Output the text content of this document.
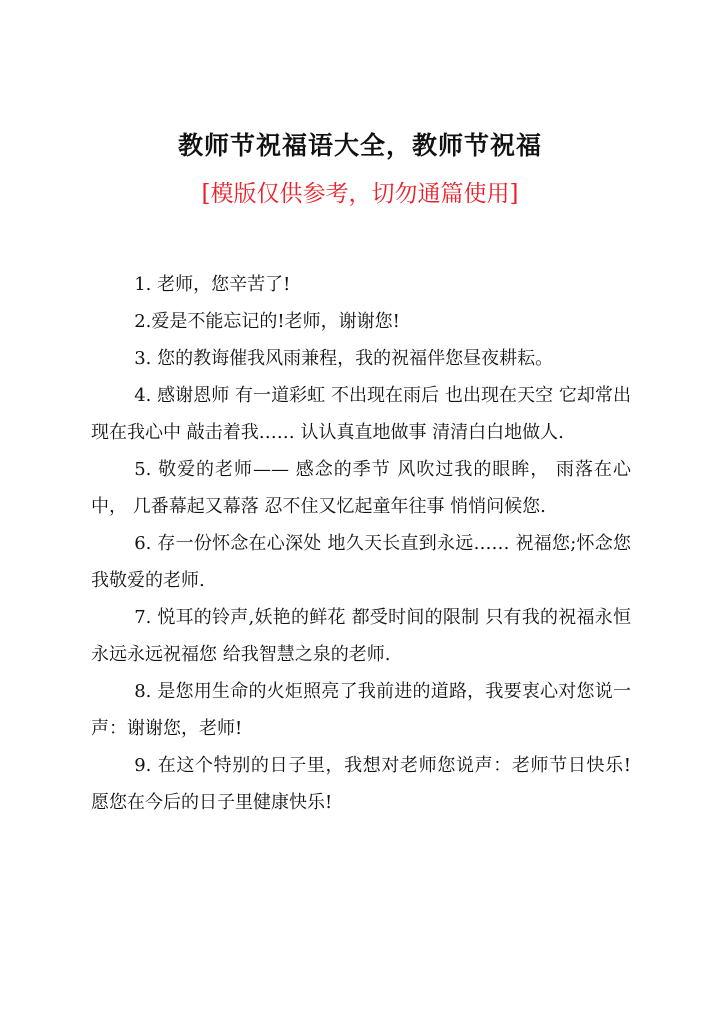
教师节祝福语大全，教师节祝福

[模版仅供参考，切勿通篇使用]

1. 老师，您辛苦了!
2.爱是不能忘记的!老师，谢谢您!
3. 您的教诲催我风雨兼程，我的祝福伴您昼夜耕耘。
4. 感谢恩师 有一道彩虹 不出现在雨后 也出现在天空 它却常出现在我心中 敲击着我…… 认认真直地做事 清清白白地做人.
5. 敬爱的老师—— 感念的季节 风吹过我的眼眸， 雨落在心中， 几番幕起又幕落 忍不住又忆起童年往事 悄悄问候您.
6. 存一份怀念在心深处 地久天长直到永远…… 祝福您;怀念您 我敬爱的老师.
7. 悦耳的铃声,妖艳的鲜花 都受时间的限制 只有我的祝福永恒 永远永远祝福您 给我智慧之泉的老师.
8. 是您用生命的火炬照亮了我前进的道路，我要衷心对您说一声：谢谢您，老师!
9. 在这个特别的日子里，我想对老师您说声：老师节日快乐!愿您在今后的日子里健康快乐!
